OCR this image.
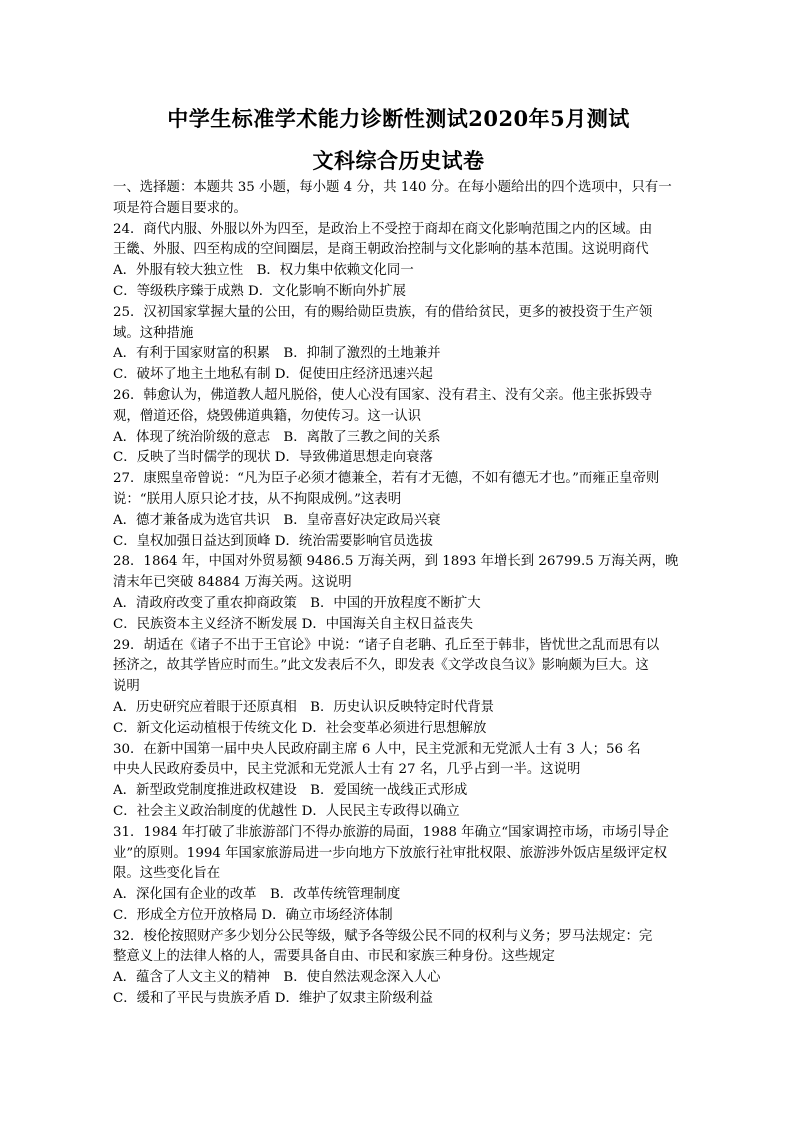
中学生标准学术能力诊断性测试2020年5月测试
文科综合历史试卷
一、选择题：本题共 35 小题，每小题 4 分，共 140 分。在每小题给出的四个选项中，只有一
项是符合题目要求的。
24．商代内服、外服以外为四至，是政治上不受控于商却在商文化影响范围之内的区域。由
王畿、外服、四至构成的空间圈层，是商王朝政治控制与文化影响的基本范围。这说明商代
A．外服有较大独立性　B．权力集中依赖文化同一
C．等级秩序臻于成熟 D．文化影响不断向外扩展
25．汉初国家掌握大量的公田，有的赐给勋臣贵族，有的借给贫民，更多的被投资于生产领
域。这种措施
A．有利于国家财富的积累　B．抑制了激烈的土地兼并
C．破坏了地主土地私有制 D．促使田庄经济迅速兴起
26．韩愈认为，佛道教人超凡脱俗，使人心没有国家、没有君主、没有父亲。他主张拆毁寺
观，僧道还俗，烧毁佛道典籍，勿使传习。这一认识
A．体现了统治阶级的意志　B．离散了三教之间的关系
C．反映了当时儒学的现状 D．导致佛道思想走向衰落
27．康熙皇帝曾说：“凡为臣子必须才德兼全，若有才无德，不如有德无才也。”而雍正皇帝则
说：“朕用人原只论才技，从不拘限成例。”这表明
A．德才兼备成为选官共识　B．皇帝喜好决定政局兴衰
C．皇权加强日益达到顶峰 D．统治需要影响官员选拔
28．1864 年，中国对外贸易额 9486.5 万海关两，到 1893 年增长到 26799.5 万海关两，晚
清末年已突破 84884 万海关两。这说明
A．清政府改变了重农抑商政策　B．中国的开放程度不断扩大
C．民族资本主义经济不断发展 D．中国海关自主权日益丧失
29．胡适在《诸子不出于王官论》中说：“诸子自老聃、孔丘至于韩非，皆忧世之乱而思有以
拯济之，故其学皆应时而生。”此文发表后不久，即发表《文学改良刍议》影响颇为巨大。这
说明
A．历史研究应着眼于还原真相　B．历史认识反映特定时代背景
C．新文化运动植根于传统文化 D．社会变革必须进行思想解放
30．在新中国第一届中央人民政府副主席 6 人中，民主党派和无党派人士有 3 人；56 名
中央人民政府委员中，民主党派和无党派人士有 27 名，几乎占到一半。这说明
A．新型政党制度推进政权建设　B．爱国统一战线正式形成
C．社会主义政治制度的优越性 D．人民民主专政得以确立
31．1984 年打破了非旅游部门不得办旅游的局面，1988 年确立“国家调控市场，市场引导企
业”的原则。1994 年国家旅游局进一步向地方下放旅行社审批权限、旅游涉外饭店星级评定权
限。这些变化旨在
A．深化国有企业的改革　B．改革传统管理制度
C．形成全方位开放格局 D．确立市场经济体制
32．梭伦按照财产多少划分公民等级，赋予各等级公民不同的权利与义务；罗马法规定：完
整意义上的法律人格的人，需要具备自由、市民和家族三种身份。这些规定
A．蕴含了人文主义的精神　B．使自然法观念深入人心
C．缓和了平民与贵族矛盾 D．维护了奴隶主阶级利益
